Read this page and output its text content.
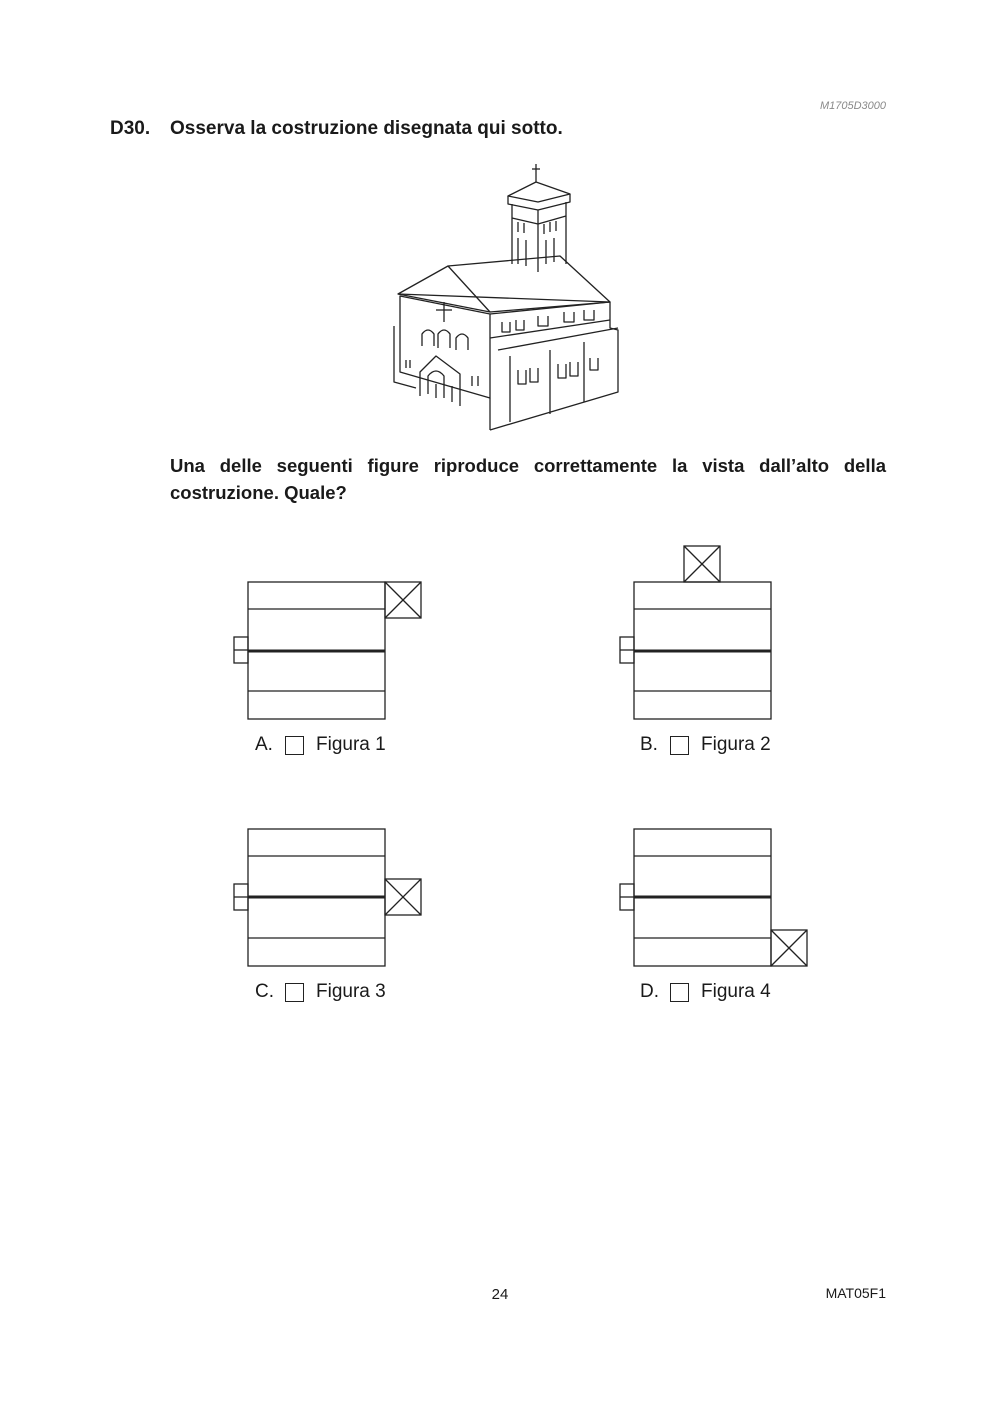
M1705D3000
D30. Osserva la costruzione disegnata qui sotto.
Una delle seguenti figure riproduce correttamente la vista dall’alto della costruzione. Quale?
A.	Figura 1	B.	Figura 2
C.	Figura 3	D.	Figura 4
24	MAT05F1
